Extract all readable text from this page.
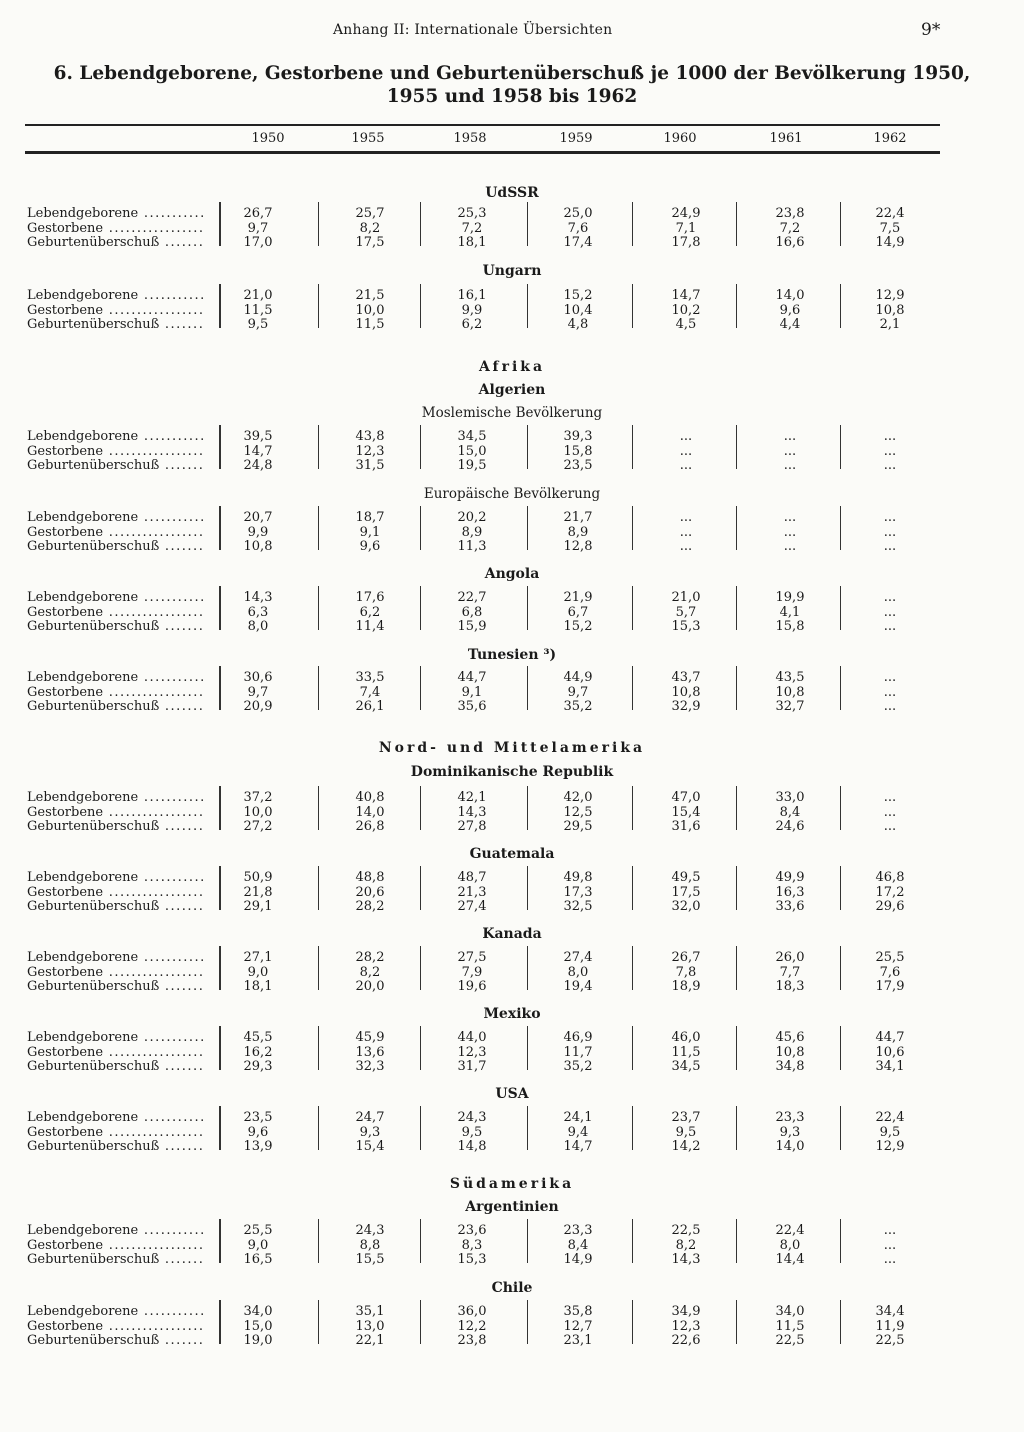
Anhang II: Internationale Übersichten	9*
6. Lebendgeborene, Gestorbene und Geburtenüberschuß je 1000 der Bevölkerung 1950,
1955 und 1958 bis 1962
1950	1955	1958	1959	1960	1961	1962
UdSSR
Lebendgeborene .....	26,7	25,7	25,3	25,0	24,9	23,8	22,4
Gestorbene .....	9,7	8,2	7,2	7,6	7,1	7,2	7,5
Geburtenüberschuß .....	17,0	17,5	18,1	17,4	17,8	16,6	14,9
Ungarn
Lebendgeborene .....	21,0	21,5	16,1	15,2	14,7	14,0	12,9
Gestorbene .....	11,5	10,0	9,9	10,4	10,2	9,6	10,8
Geburtenüberschuß .....	9,5	11,5	6,2	4,8	4,5	4,4	2,1
Afrika
Algerien
Moslemische Bevölkerung
Lebendgeborene .....	39,5	43,8	34,5	39,3	...	...	...
Gestorbene .....	14,7	12,3	15,0	15,8	...	...	...
Geburtenüberschuß .....	24,8	31,5	19,5	23,5	...	...	...
Europäische Bevölkerung
Lebendgeborene .....	20,7	18,7	20,2	21,7	...	...	...
Gestorbene .....	9,9	9,1	8,9	8,9	...	...	...
Geburtenüberschuß .....	10,8	9,6	11,3	12,8	...	...	...
Angola
Lebendgeborene .....	14,3	17,6	22,7	21,9	21,0	19,9	...
Gestorbene .....	6,3	6,2	6,8	6,7	5,7	4,1	...
Geburtenüberschuß .....	8,0	11,4	15,9	15,2	15,3	15,8	...
Tunesien ³)
Lebendgeborene .....	30,6	33,5	44,7	44,9	43,7	43,5	...
Gestorbene .....	9,7	7,4	9,1	9,7	10,8	10,8	...
Geburtenüberschuß .....	20,9	26,1	35,6	35,2	32,9	32,7	...
Nord- und Mittelamerika
Dominikanische Republik
Lebendgeborene .....	37,2	40,8	42,1	42,0	47,0	33,0	...
Gestorbene .....	10,0	14,0	14,3	12,5	15,4	8,4	...
Geburtenüberschuß .....	27,2	26,8	27,8	29,5	31,6	24,6	...
Guatemala
Lebendgeborene .....	50,9	48,8	48,7	49,8	49,5	49,9	46,8
Gestorbene .....	21,8	20,6	21,3	17,3	17,5	16,3	17,2
Geburtenüberschuß .....	29,1	28,2	27,4	32,5	32,0	33,6	29,6
Kanada
Lebendgeborene .....	27,1	28,2	27,5	27,4	26,7	26,0	25,5
Gestorbene .....	9,0	8,2	7,9	8,0	7,8	7,7	7,6
Geburtenüberschuß .....	18,1	20,0	19,6	19,4	18,9	18,3	17,9
Mexiko
Lebendgeborene .....	45,5	45,9	44,0	46,9	46,0	45,6	44,7
Gestorbene .....	16,2	13,6	12,3	11,7	11,5	10,8	10,6
Geburtenüberschuß .....	29,3	32,3	31,7	35,2	34,5	34,8	34,1
USA
Lebendgeborene .....	23,5	24,7	24,3	24,1	23,7	23,3	22,4
Gestorbene .....	9,6	9,3	9,5	9,4	9,5	9,3	9,5
Geburtenüberschuß .....	13,9	15,4	14,8	14,7	14,2	14,0	12,9
Südamerika
Argentinien
Lebendgeborene .....	25,5	24,3	23,6	23,3	22,5	22,4	...
Gestorbene .....	9,0	8,8	8,3	8,4	8,2	8,0	...
Geburtenüberschuß .....	16,5	15,5	15,3	14,9	14,3	14,4	...
Chile
Lebendgeborene .....	34,0	35,1	36,0	35,8	34,9	34,0	34,4
Gestorbene .....	15,0	13,0	12,2	12,7	12,3	11,5	11,9
Geburtenüberschuß .....	19,0	22,1	23,8	23,1	22,6	22,5	22,5
